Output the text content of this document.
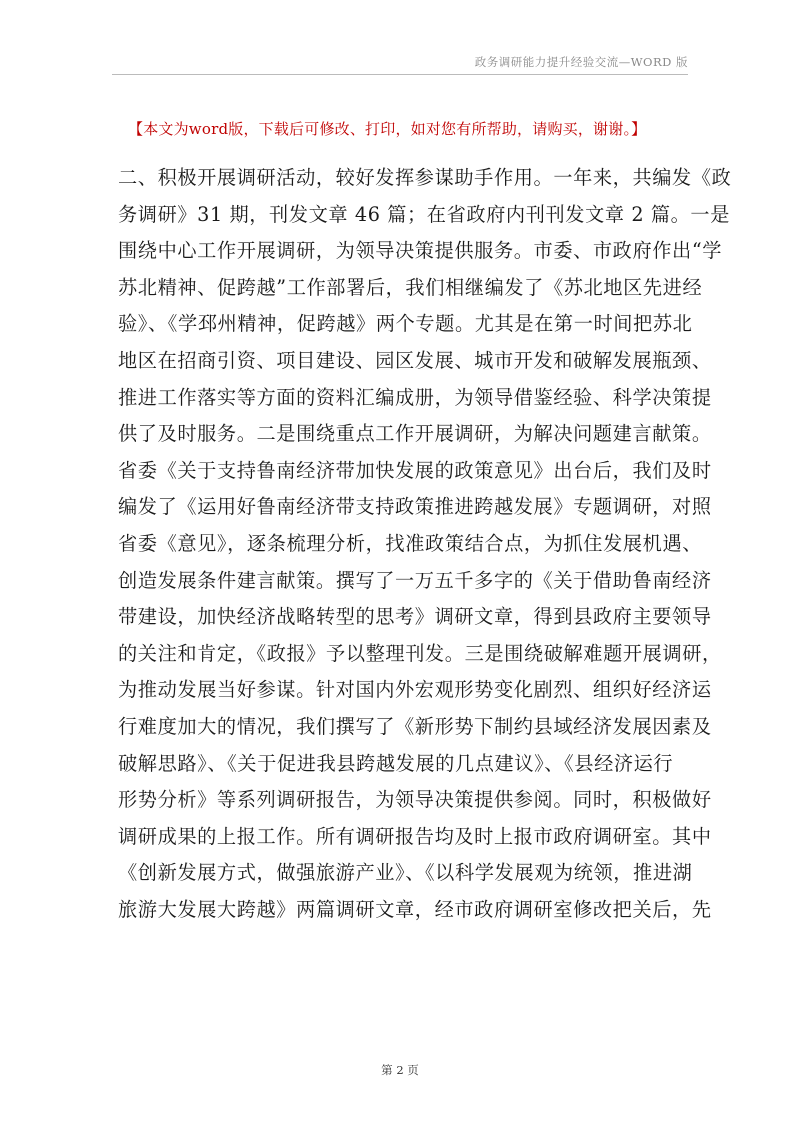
政务调研能力提升经验交流—WORD 版
【本文为word版，下载后可修改、打印，如对您有所帮助，请购买，谢谢。】
二、积极开展调研活动，较好发挥参谋助手作用。一年来，共编发《政
务调研》31 期，刊发文章 46 篇；在省政府内刊刊发文章 2 篇。一是
围绕中心工作开展调研，为领导决策提供服务。市委、市政府作出“学
苏北精神、促跨越”工作部署后，我们相继编发了《苏北地区先进经
验》、《学邳州精神，促跨越》两个专题。尤其是在第一时间把苏北
地区在招商引资、项目建设、园区发展、城市开发和破解发展瓶颈、
推进工作落实等方面的资料汇编成册，为领导借鉴经验、科学决策提
供了及时服务。二是围绕重点工作开展调研，为解决问题建言献策。
省委《关于支持鲁南经济带加快发展的政策意见》出台后，我们及时
编发了《运用好鲁南经济带支持政策推进跨越发展》专题调研，对照
省委《意见》，逐条梳理分析，找准政策结合点，为抓住发展机遇、
创造发展条件建言献策。撰写了一万五千多字的《关于借助鲁南经济
带建设，加快经济战略转型的思考》调研文章，得到县政府主要领导
的关注和肯定，《政报》予以整理刊发。三是围绕破解难题开展调研，
为推动发展当好参谋。针对国内外宏观形势变化剧烈、组织好经济运
行难度加大的情况，我们撰写了《新形势下制约县域经济发展因素及
破解思路》、《关于促进我县跨越发展的几点建议》、《县经济运行
形势分析》等系列调研报告，为领导决策提供参阅。同时，积极做好
调研成果的上报工作。所有调研报告均及时上报市政府调研室。其中
《创新发展方式，做强旅游产业》、《以科学发展观为统领，推进湖
旅游大发展大跨越》两篇调研文章，经市政府调研室修改把关后，先
第 2 页
